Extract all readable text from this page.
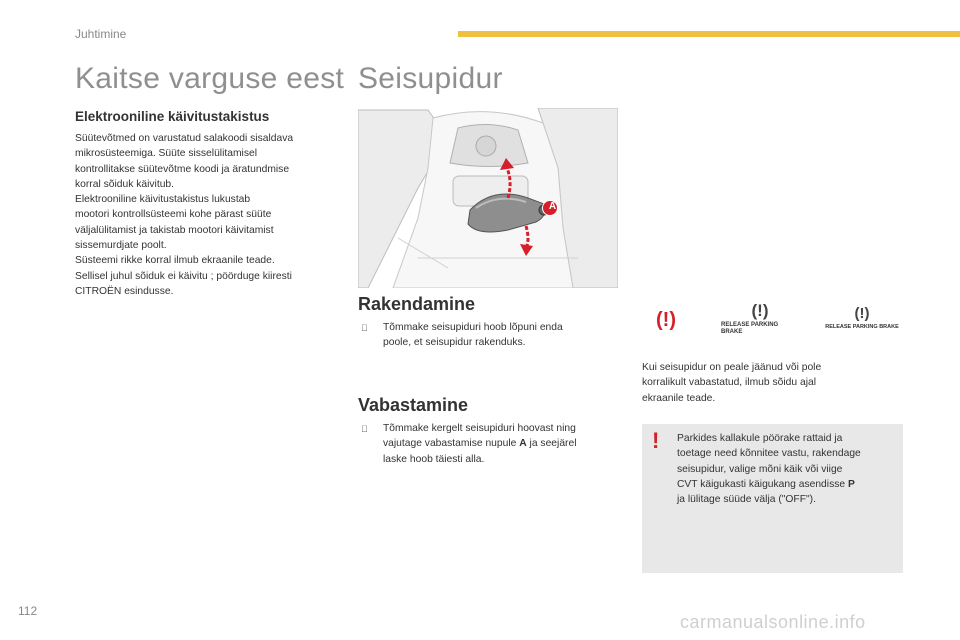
Juhtimine
Kaitse varguse eest
Elektrooniline käivitustakistus
Süütevõtmed on varustatud salakoodi sisaldava
mikrosüsteemiga. Süüte sisselülitamisel
kontrollitakse süütevõtme koodi ja äratundmise
korral sõiduk käivitub.
Elektrooniline käivitustakistus lukustab
mootori kontrollsüsteemi kohe pärast süüte
väljalülitamist ja takistab mootori käivitamist
sissemurdjate poolt.
Süsteemi rikke korral ilmub ekraanile teade.
Sellisel juhul sõiduk ei käivitu ; pöörduge kiiresti
CITROËN esindusse.
Seisupidur
A
Rakendamine
Tõmmake seisupiduri hoob lõpuni enda
poole, et seisupidur rakenduks.
Vabastamine
Tõmmake kergelt seisupiduri hoovast ning
vajutage vabastamise nupule A ja seejärel
laske hoob täiesti alla.
(!)	(!)
RELEASE PARKING
BRAKE
(!)
RELEASE PARKING BRAKE
Kui seisupidur on peale jäänud või pole
korralikult vabastatud, ilmub sõidu ajal
ekraanile teade.
! Parkides kallakule pöörake rattaid ja
toetage need kõnnitee vastu, rakendage
seisupidur, valige mõni käik või viige
CVT käigukasti käigukang asendisse P
ja lülitage süüde välja ("OFF").
112
carmanualsonline.info
